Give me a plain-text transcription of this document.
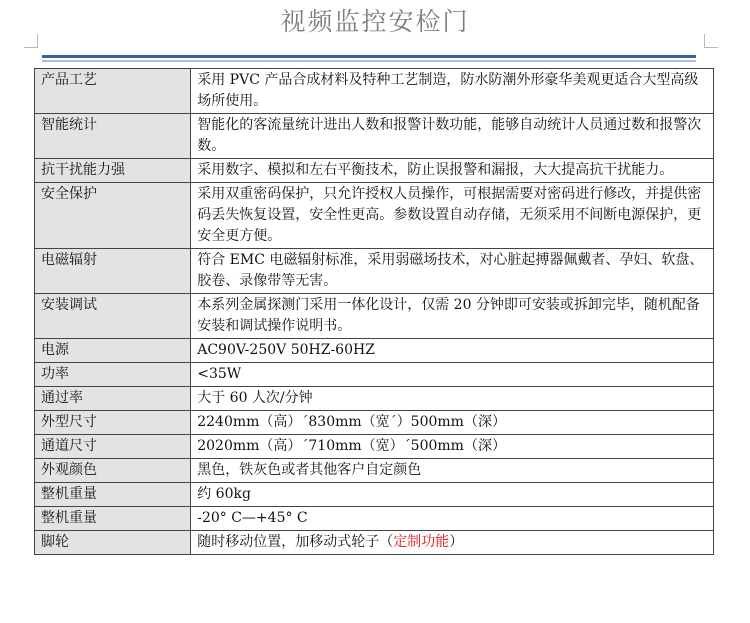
视频监控安检门
产品工艺	采用 PVC 产品合成材料及特种工艺制造，防水防潮外形豪华美观更适合大型高级场所使用。
智能统计	智能化的客流量统计进出人数和报警计数功能，能够自动统计人员通过数和报警次数。
抗干扰能力强	采用数字、模拟和左右平衡技术，防止误报警和漏报，大大提高抗干扰能力。
安全保护	采用双重密码保护，只允许授权人员操作，可根据需要对密码进行修改，并提供密码丢失恢复设置，安全性更高。参数设置自动存储，无须采用不间断电源保护，更安全更方便。
电磁辐射	符合 EMC 电磁辐射标准，采用弱磁场技术，对心脏起搏器佩戴者、孕妇、软盘、胶卷、录像带等无害。
安装调试	本系列金属探测门采用一体化设计，仅需 20 分钟即可安装或拆卸完毕，随机配备安装和调试操作说明书。
电源	AC90V-250V 50HZ-60HZ
功率	<35W
通过率	大于 60 人次/分钟
外型尺寸	2240mm（高）´830mm（宽´）500mm（深）
通道尺寸	2020mm（高）´710mm（宽）´500mm（深）
外观颜色	黑色，铁灰色或者其他客户自定颜色
整机重量	约 60kg
整机重量	-20° C—+45° C
脚轮	随时移动位置，加移动式轮子（定制功能）
